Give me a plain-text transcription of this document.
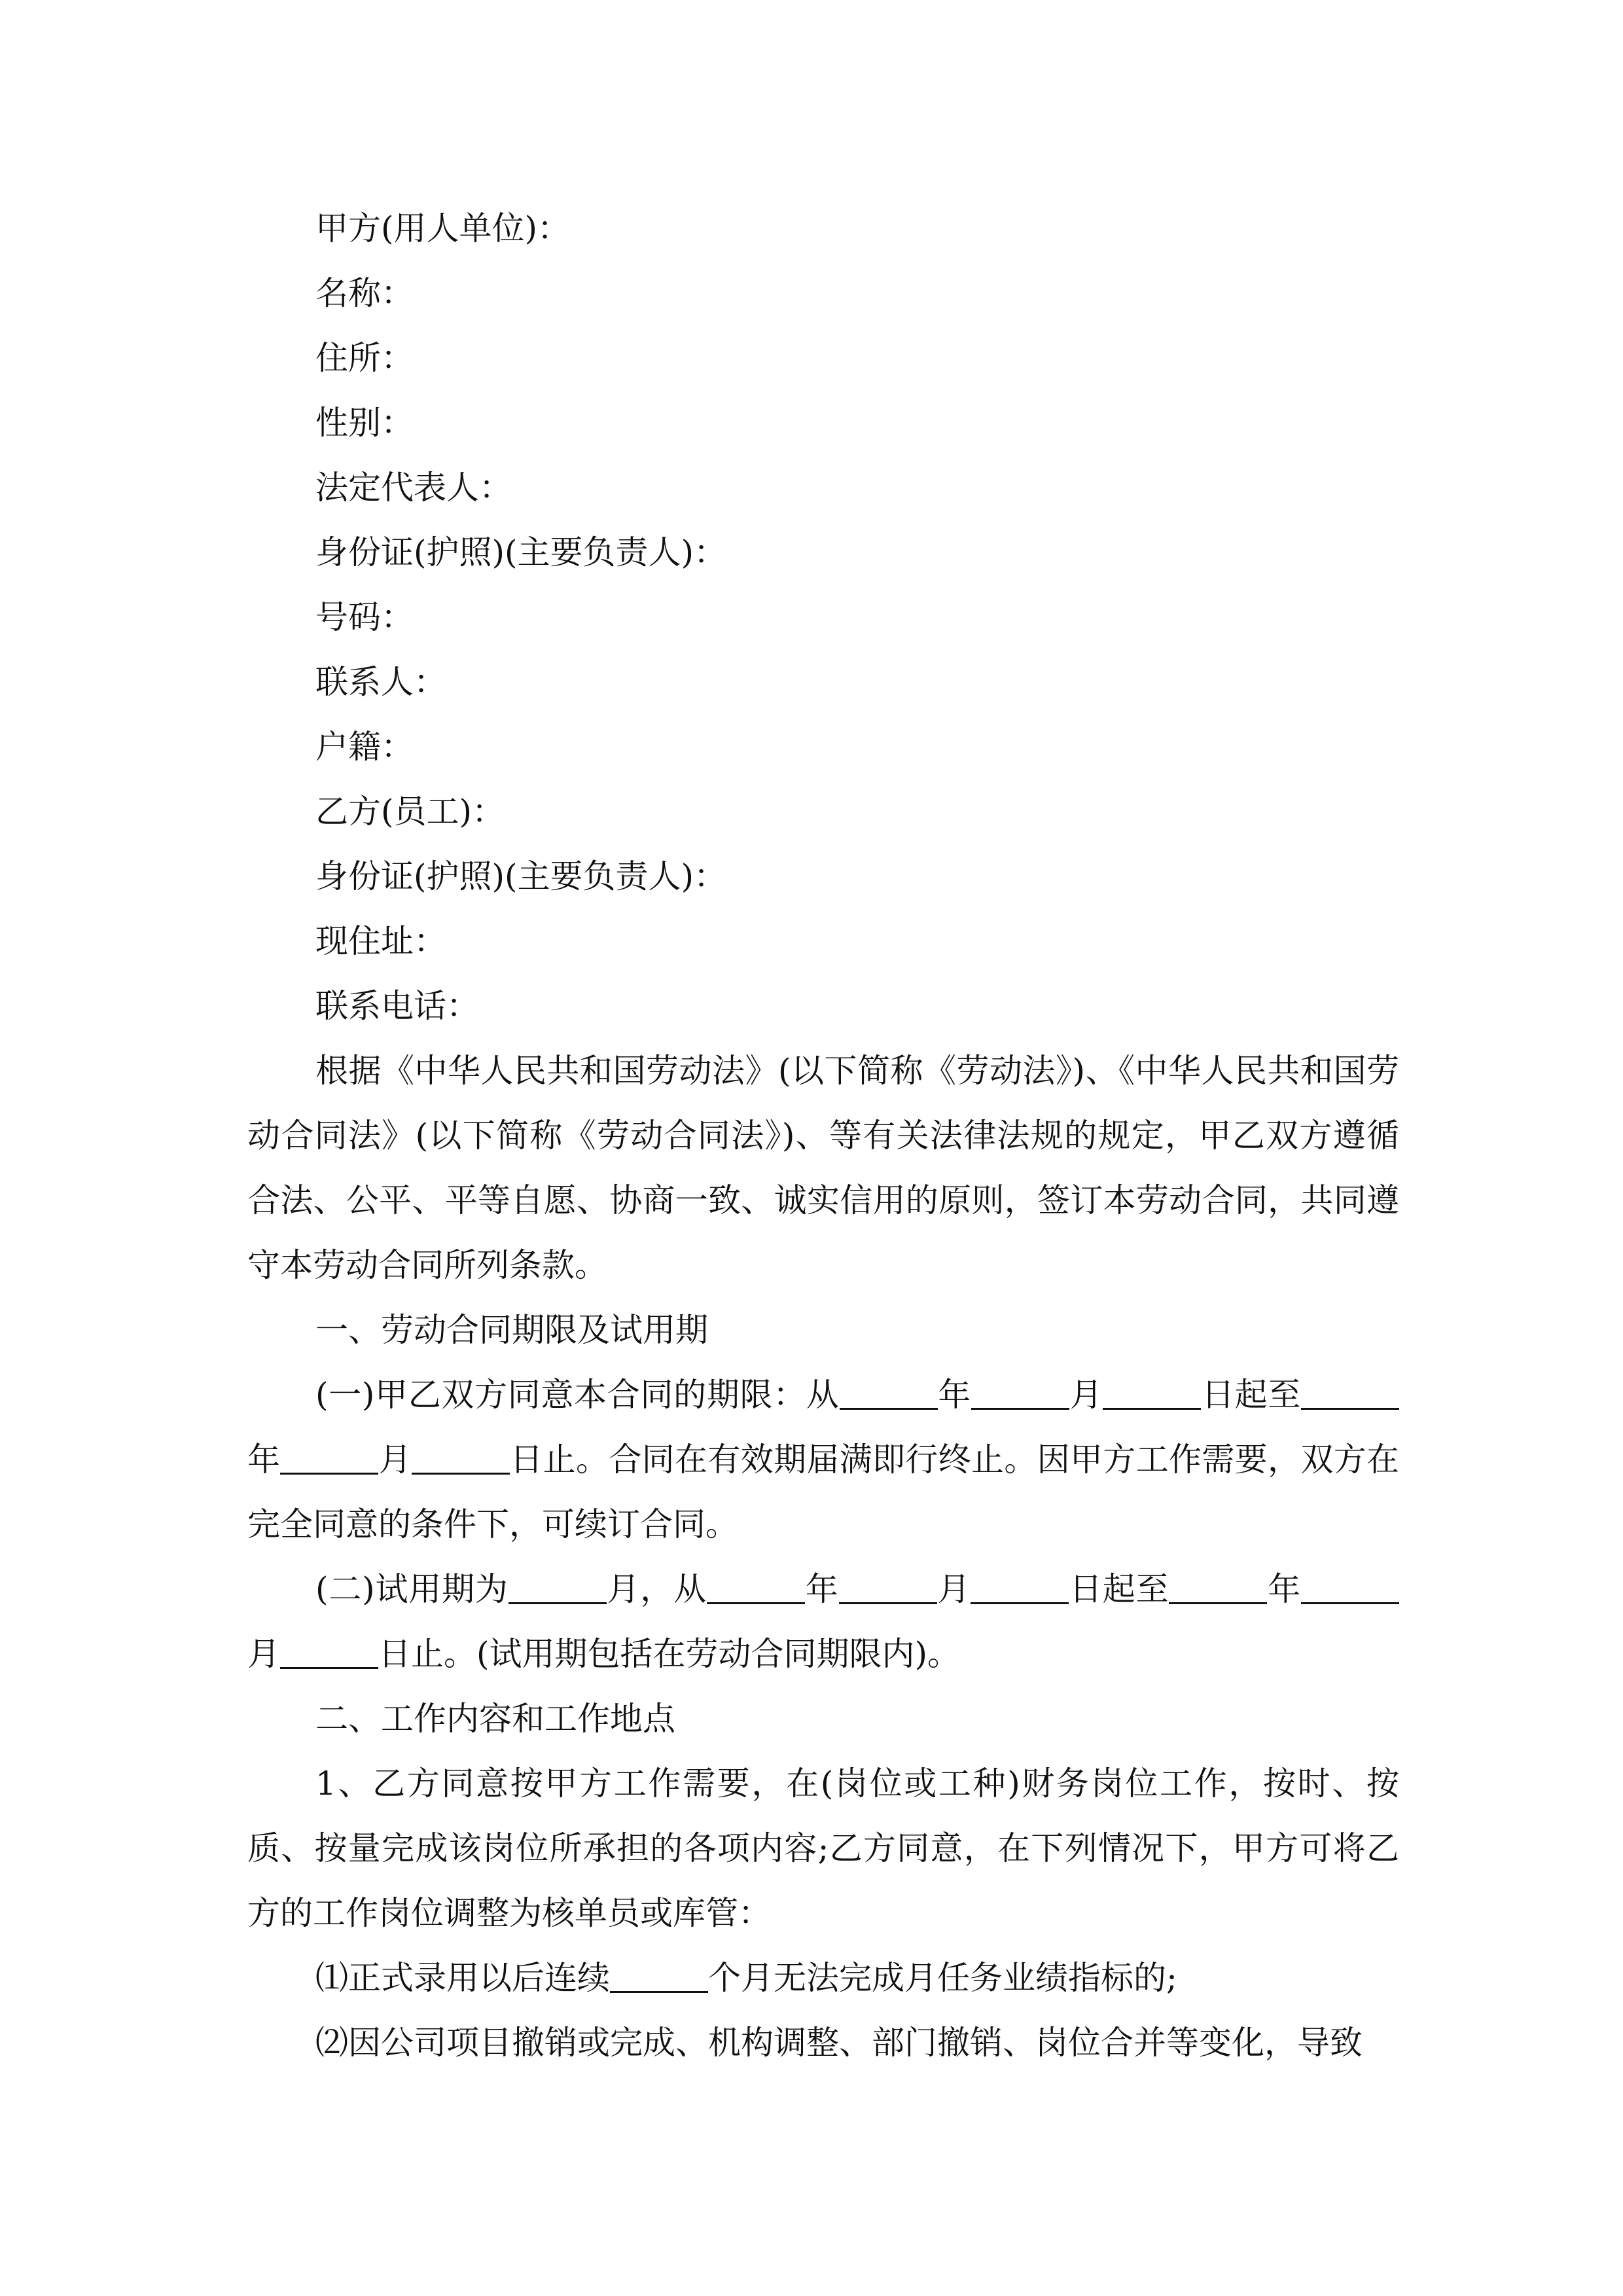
甲方(用人单位)：

名称：

住所：

性别：

法定代表人：

身份证(护照)(主要负责人)：

号码：

联系人：

户籍：

乙方(员工)：

身份证(护照)(主要负责人)：

现住址：

联系电话：

根据《中华人民共和国劳动法》(以下简称《劳动法》)、《中华人民共和国劳动合同法》(以下简称《劳动合同法》)、等有关法律法规的规定，甲乙双方遵循合法、公平、平等自愿、协商一致、诚实信用的原则，签订本劳动合同，共同遵守本劳动合同所列条款。

一、劳动合同期限及试用期

(一)甲乙双方同意本合同的期限：从	年	月	日起至年	月	日止。合同在有效期届满即行终止。因甲方工作需要，双方在完全同意的条件下，可续订合同。

(二)试用期为	月，从	年	月	日起至	年月	日止。(试用期包括在劳动合同期限内)。

二、工作内容和工作地点

1、乙方同意按甲方工作需要，在(岗位或工种)财务岗位工作，按时、按质、按量完成该岗位所承担的各项内容;乙方同意，在下列情况下，甲方可将乙方的工作岗位调整为核单员或库管：

⑴正式录用以后连续	个月无法完成月任务业绩指标的;

⑵因公司项目撤销或完成、机构调整、部门撤销、岗位合并等变化，导致
